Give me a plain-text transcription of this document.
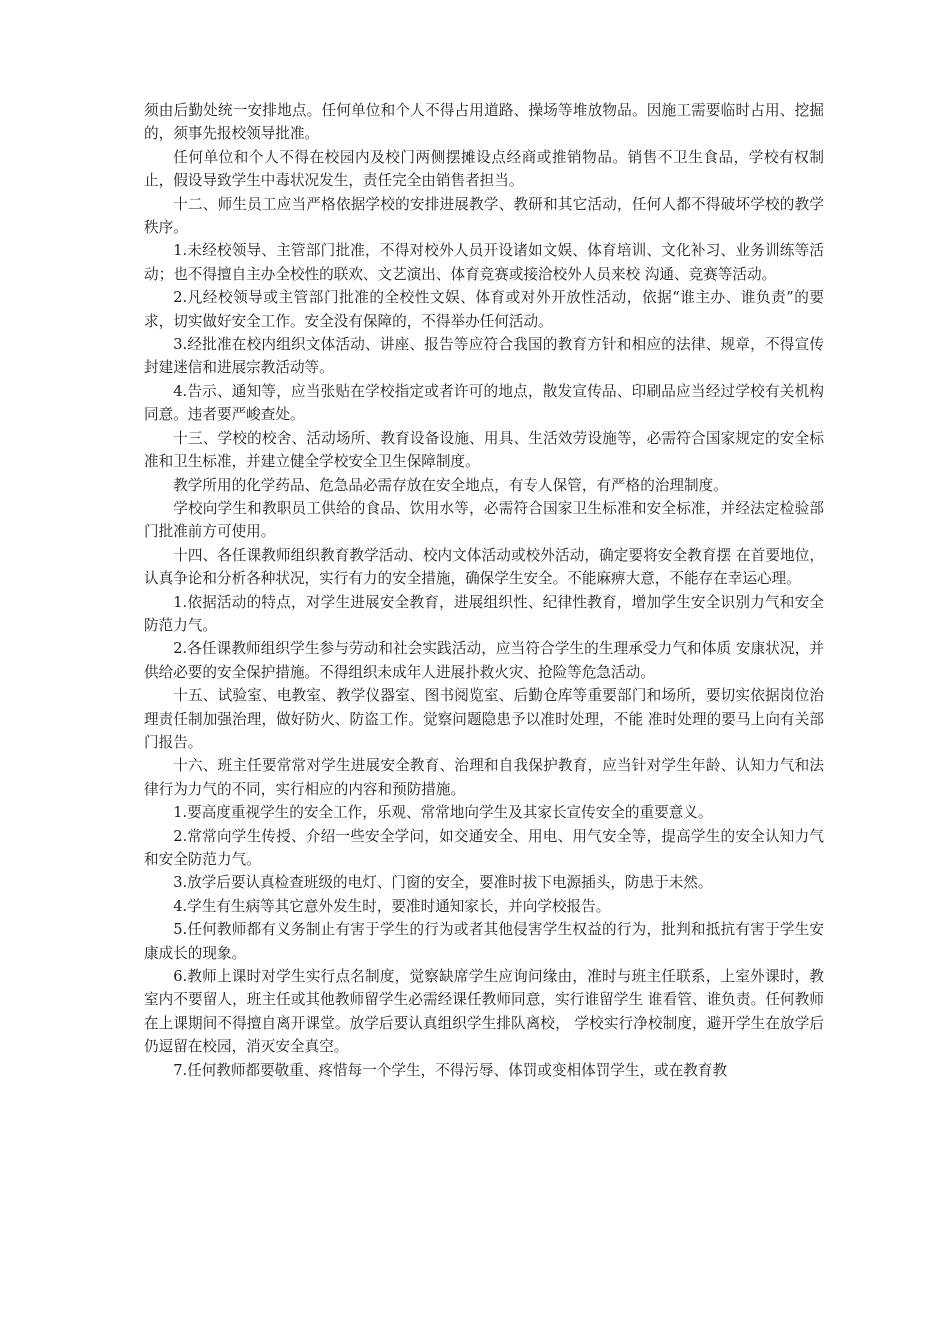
须由后勤处统一安排地点。任何单位和个人不得占用道路、操场等堆放物品。因施工需要临时占用、挖掘的，须事先报校领导批准。

任何单位和个人不得在校园内及校门两侧摆摊设点经商或推销物品。销售不卫生食品，学校有权制止，假设导致学生中毒状况发生，责任完全由销售者担当。

十二、师生员工应当严格依据学校的安排进展教学、教研和其它活动，任何人都不得破坏学校的教学秩序。

1.未经校领导、主管部门批准，不得对校外人员开设诸如文娱、体育培训、文化补习、业务训练等活动；也不得擅自主办全校性的联欢、文艺演出、体育竞赛或接洽校外人员来校 沟通、竞赛等活动。

2.凡经校领导或主管部门批准的全校性文娱、体育或对外开放性活动，依据“谁主办、谁负责”的要求，切实做好安全工作。安全没有保障的，不得举办任何活动。

3.经批准在校内组织文体活动、讲座、报告等应符合我国的教育方针和相应的法律、规章，不得宣传封建迷信和进展宗教活动等。

4.告示、通知等，应当张贴在学校指定或者许可的地点，散发宣传品、印刷品应当经过学校有关机构同意。违者要严峻查处。

十三、学校的校舍、活动场所、教育设备设施、用具、生活效劳设施等，必需符合国家规定的安全标准和卫生标准，并建立健全学校安全卫生保障制度。

教学所用的化学药品、危急品必需存放在安全地点，有专人保管，有严格的治理制度。

学校向学生和教职员工供给的食品、饮用水等，必需符合国家卫生标准和安全标准，并经法定检验部门批准前方可使用。

十四、各任课教师组织教育教学活动、校内文体活动或校外活动，确定要将安全教育摆 在首要地位，认真争论和分析各种状况，实行有力的安全措施，确保学生安全。不能麻痹大意，不能存在幸运心理。

1.依据活动的特点，对学生进展安全教育，进展组织性、纪律性教育，增加学生安全识别力气和安全防范力气。

2.各任课教师组织学生参与劳动和社会实践活动，应当符合学生的生理承受力气和体质 安康状况，并供给必要的安全保护措施。不得组织未成年人进展扑救火灾、抢险等危急活动。

十五、试验室、电教室、教学仪器室、图书阅览室、后勤仓库等重要部门和场所，要切实依据岗位治理责任制加强治理，做好防火、防盗工作。觉察问题隐患予以准时处理，不能 准时处理的要马上向有关部门报告。

十六、班主任要常常对学生进展安全教育、治理和自我保护教育，应当针对学生年龄、认知力气和法律行为力气的不同，实行相应的内容和预防措施。

1.要高度重视学生的安全工作，乐观、常常地向学生及其家长宣传安全的重要意义。

2.常常向学生传授、介绍一些安全学问，如交通安全、用电、用气安全等，提高学生的安全认知力气和安全防范力气。

3.放学后要认真检查班级的电灯、门窗的安全，要准时拔下电源插头，防患于未然。

4.学生有生病等其它意外发生时，要准时通知家长，并向学校报告。

5.任何教师都有义务制止有害于学生的行为或者其他侵害学生权益的行为，批判和抵抗有害于学生安康成长的现象。

6.教师上课时对学生实行点名制度，觉察缺席学生应询问缘由，准时与班主任联系，上室外课时，教室内不要留人，班主任或其他教师留学生必需经课任教师同意，实行谁留学生 谁看管、谁负责。任何教师在上课期间不得擅自离开课堂。放学后要认真组织学生排队离校， 学校实行净校制度，避开学生在放学后仍逗留在校园，消灭安全真空。

7.任何教师都要敬重、疼惜每一个学生，不得污辱、体罚或变相体罚学生，或在教育教
